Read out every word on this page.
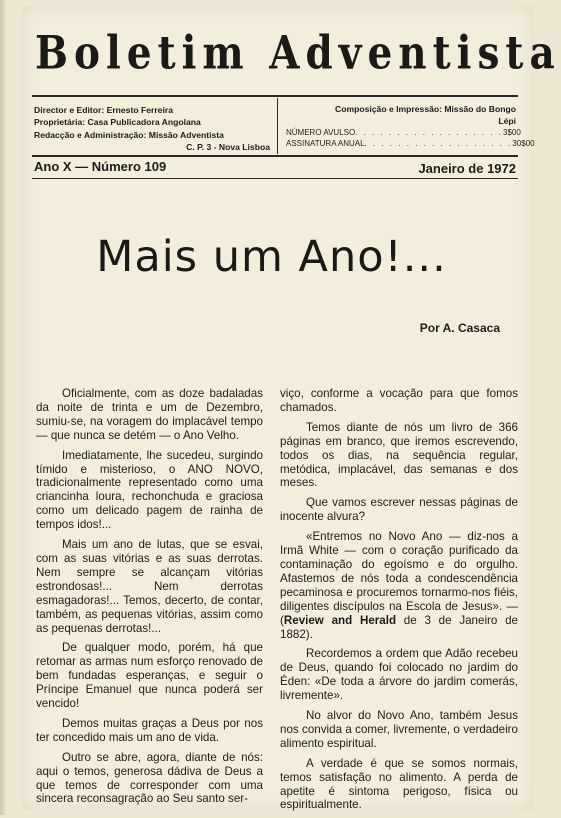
Boletim Adventista
Director e Editor: Ernesto Ferreira
Proprietária: Casa Publicadora Angolana
Redacção e Administração: Missão Adventista
C. P. 3 - Nova Lisboa
Composição e Impressão: Missão do Bongo
Lépi
NÚMERO AVULSO . . . . . . . . . . . . . . . . . . 3$00
ASSINATURA ANUAL . . . . . . . . . . . . . . . . . . 30$00
Ano X — Número 109	Janeiro de 1972
Mais um Ano!...
Por A. Casaca

Oficialmente, com as doze badaladas da noite de trinta e um de Dezembro, sumiu-se, na voragem do implacável tempo — que nunca se detém — o Ano Velho.

Imediatamente, lhe sucedeu, surgindo tímido e misterioso, o ANO NOVO, tradicionalmente representado como uma criancinha loura, rechonchuda e graciosa como um delicado pagem de rainha de tempos idos!...

Mais um ano de lutas, que se esvai, com as suas vitórias e as suas derrotas. Nem sempre se alcançam vitórias estrondosas!... Nem derrotas esmagadoras!... Temos, decerto, de contar, também, as pequenas vitórias, assim como as pequenas derrotas!...

De qualquer modo, porém, há que retomar as armas num esforço renovado de bem fundadas esperanças, e seguir o Príncipe Emanuel que nunca poderá ser vencido!

Demos muitas graças a Deus por nos ter concedido mais um ano de vida.

Outro se abre, agora, diante de nós: aqui o temos, generosa dádiva de Deus a que temos de corresponder com uma sincera reconsagração ao Seu santo ser-

viço, conforme a vocação para que fomos chamados.

Temos diante de nós um livro de 366 páginas em branco, que iremos escrevendo, todos os dias, na sequência regular, metódica, implacável, das semanas e dos meses.

Que vamos escrever nessas páginas de inocente alvura?

«Entremos no Novo Ano — diz-nos a Irmã White — com o coração purificado da contaminação do egoísmo e do orgulho. Afastemos de nós toda a condescendência pecaminosa e procuremos tornarmo-nos fiéis, diligentes discípulos na Escola de Jesus». — (Review and Herald de 3 de Janeiro de 1882).

Recordemos a ordem que Adão recebeu de Deus, quando foi colocado no jardim do Éden: «De toda a árvore do jardim comerás, livremente».

No alvor do Novo Ano, também Jesus nos convida a comer, livremente, o verdadeiro alimento espiritual.

A verdade é que se somos normais, temos satisfação no alimento. A perda de apetite é sintoma perigoso, física ou espiritualmente.
